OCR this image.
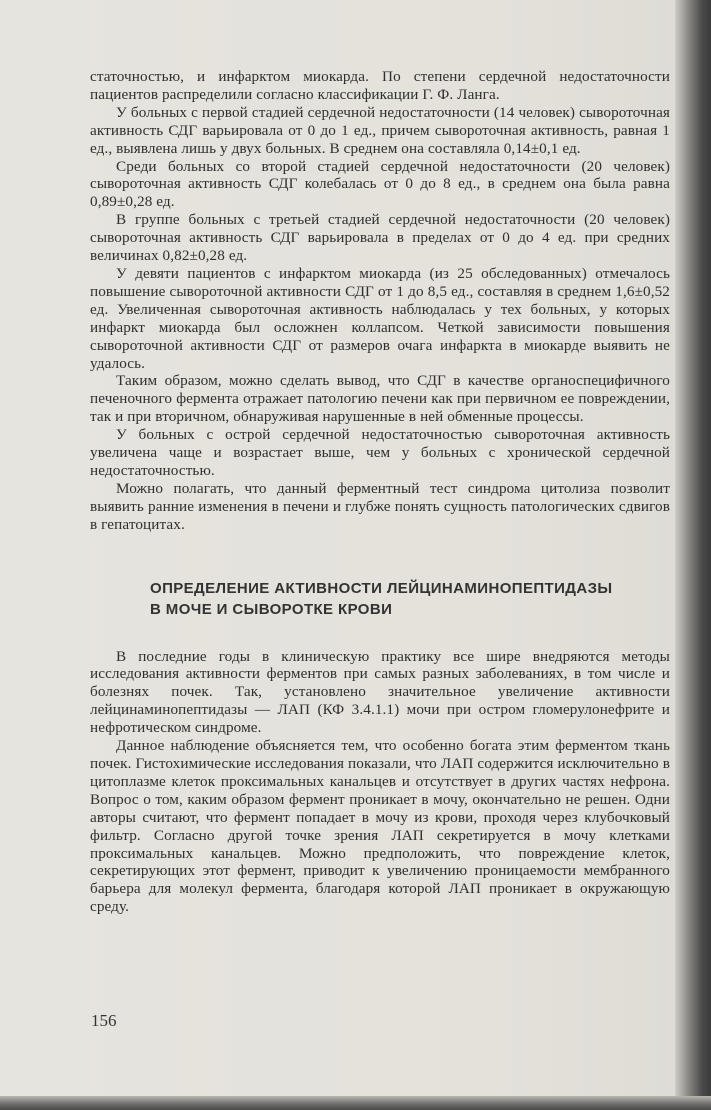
статочностью, и инфарктом миокарда. По степени сердечной недостаточности пациентов распределили согласно классификации Г. Ф. Ланга.

У больных с первой стадией сердечной недостаточности (14 человек) сывороточная активность СДГ варьировала от 0 до 1 ед., причем сывороточная активность, равная 1 ед., выявлена лишь у двух больных. В среднем она составляла 0,14±0,1 ед.

Среди больных со второй стадией сердечной недостаточности (20 человек) сывороточная активность СДГ колебалась от 0 до 8 ед., в среднем она была равна 0,89±0,28 ед.

В группе больных с третьей стадией сердечной недостаточности (20 человек) сывороточная активность СДГ варьировала в пределах от 0 до 4 ед. при средних величинах 0,82±0,28 ед.

У девяти пациентов с инфарктом миокарда (из 25 обследованных) отмечалось повышение сывороточной активности СДГ от 1 до 8,5 ед., составляя в среднем 1,6±0,52 ед. Увеличенная сывороточная активность наблюдалась у тех больных, у которых инфаркт миокарда был осложнен коллапсом. Четкой зависимости повышения сывороточной активности СДГ от размеров очага инфаркта в миокарде выявить не удалось.

Таким образом, можно сделать вывод, что СДГ в качестве органоспецифичного печеночного фермента отражает патологию печени как при первичном ее повреждении, так и при вторичном, обнаруживая нарушенные в ней обменные процессы.

У больных с острой сердечной недостаточностью сывороточная активность увеличена чаще и возрастает выше, чем у больных с хронической сердечной недостаточностью.

Можно полагать, что данный ферментный тест синдрома цитолиза позволит выявить ранние изменения в печени и глубже понять сущность патологических сдвигов в гепатоцитах.

ОПРЕДЕЛЕНИЕ АКТИВНОСТИ ЛЕЙЦИНАМИНОПЕПТИДАЗЫ
В МОЧЕ И СЫВОРОТКЕ КРОВИ

В последние годы в клиническую практику все шире внедряются методы исследования активности ферментов при самых разных заболеваниях, в том числе и болезнях почек. Так, установлено значительное увеличение активности лейцинаминопептидазы — ЛАП (КФ 3.4.1.1) мочи при остром гломерулонефрите и нефротическом синдроме.

Данное наблюдение объясняется тем, что особенно богата этим ферментом ткань почек. Гистохимические исследования показали, что ЛАП содержится исключительно в цитоплазме клеток проксимальных канальцев и отсутствует в других частях нефрона. Вопрос о том, каким образом фермент проникает в мочу, окончательно не решен. Одни авторы считают, что фермент попадает в мочу из крови, проходя через клубочковый фильтр. Согласно другой точке зрения ЛАП секретируется в мочу клетками проксимальных канальцев. Можно предположить, что повреждение клеток, секретирующих этот фермент, приводит к увеличению проницаемости мембранного барьера для молекул фермента, благодаря которой ЛАП проникает в окружающую среду.

156
